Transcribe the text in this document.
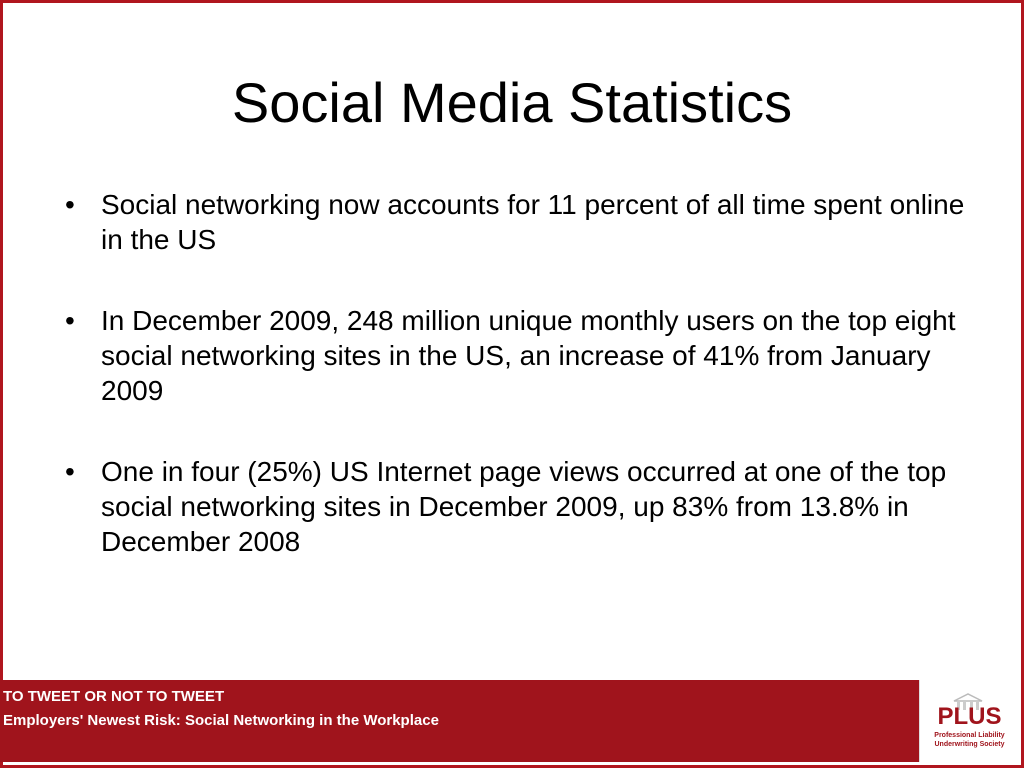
Social Media Statistics
• Social networking now accounts for 11 percent of all time spent online in the US
• In December 2009, 248 million unique monthly users on the top eight social networking sites in the US, an increase of 41% from January 2009
• One in four (25%) US Internet page views occurred at one of the top social networking sites in December 2009, up 83% from 13.8% in December 2008
TO TWEET OR NOT TO TWEET
Employers' Newest Risk: Social Networking in the Workplace	PLUS
Professional Liability
Underwriting Society
